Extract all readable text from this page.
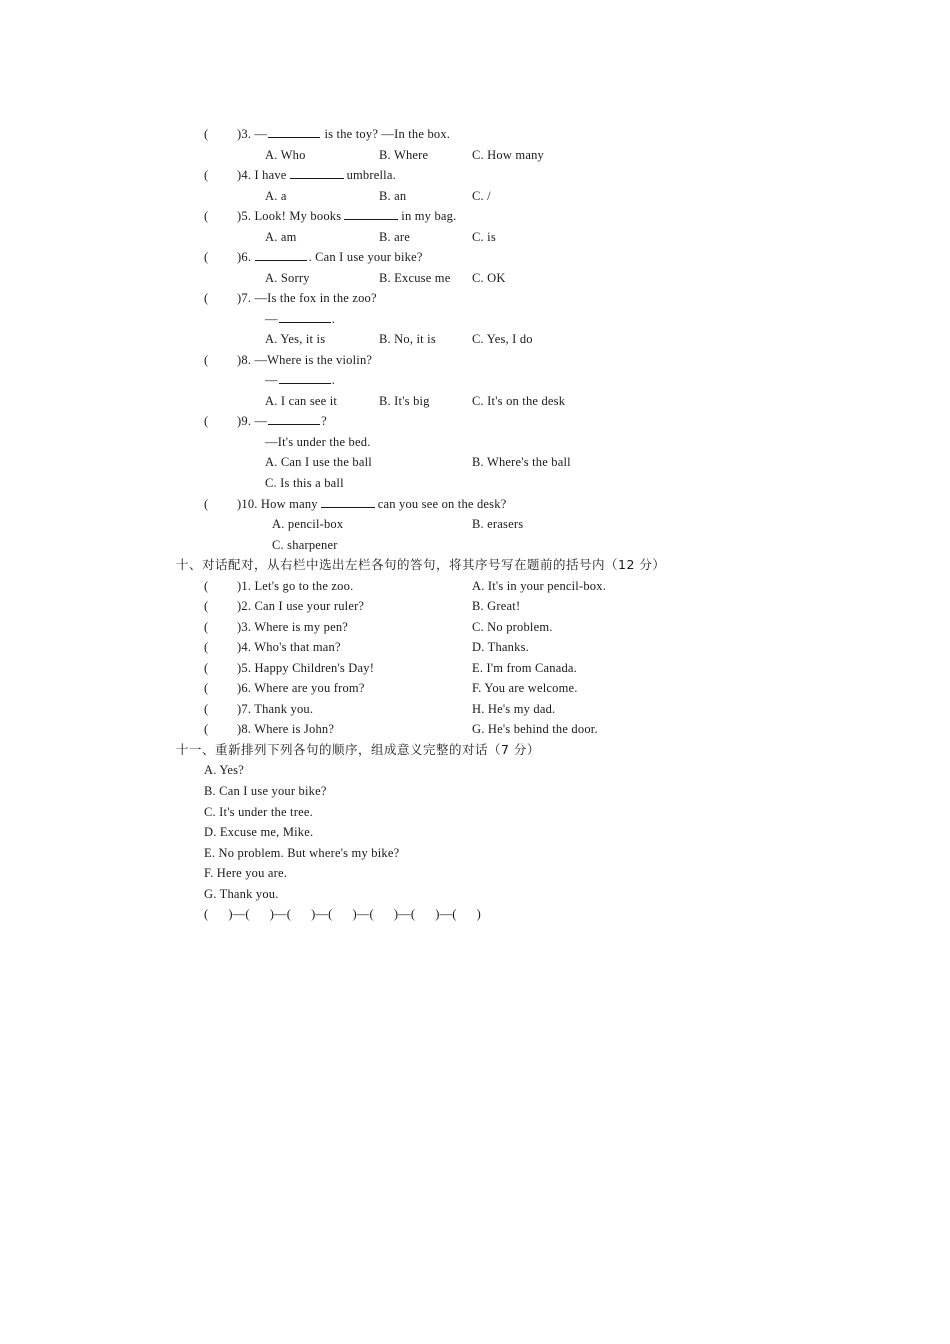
( )3. —	is the toy? —In the box.
A. Who	B. Where	C. How many
( )4. I have	umbrella.
A. a	B. an	C. /
( )5. Look! My books	in my bag.
A. am	B. are	C. is
( )6.	. Can I use your bike?
A. Sorry	B. Excuse me C. OK
( )7. —Is the fox in the zoo?
—	.
A. Yes, it is	B. No, it is	C. Yes, I do
( )8. —Where is the violin?
—	.
A. I can see it	B. It's big	C. It's on the desk
( )9. —	?
—It's under the bed.
A. Can I use the ball	B. Where's the ball
C. Is this a ball
( )10. How many	can you see on the desk?
A. pencil-box	B. erasers
C. sharpener
十、对话配对，从右栏中选出左栏各句的答句，将其序号写在题前的括号内（12 分）
( )1. Let's go to the zoo.	A. It's in your pencil-box.
( )2. Can I use your ruler?	B. Great!
( )3. Where is my pen?	C. No problem.
( )4. Who's that man?	D. Thanks.
( )5. Happy Children's Day!	E. I'm from Canada.
( )6. Where are you from?	F. You are welcome.
( )7. Thank you.	H. He's my dad.
( )8. Where is John?	G. He's behind the door.
十一、重新排列下列各句的顺序，组成意义完整的对话（7 分）
A. Yes?
B. Can I use your bike?
C. It's under the tree.
D. Excuse me, Mike.
E. No problem. But where's my bike?
F. Here you are.
G. Thank you.
(      )—(      )—(      )—(      )—(      )—(      )—(      )
